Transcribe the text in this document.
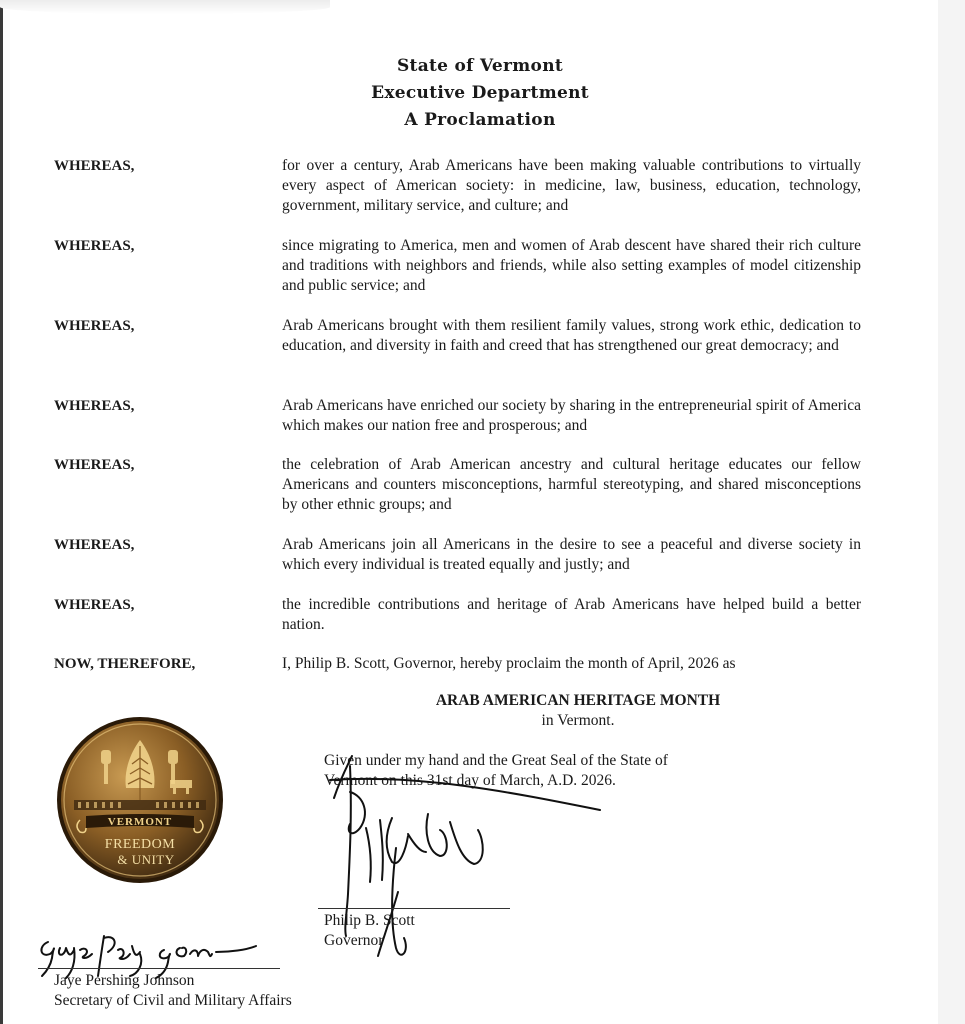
State of Vermont
Executive Department
A Proclamation
WHEREAS,	for over a century, Arab Americans have been making valuable contributions to virtually every aspect of American society: in medicine, law, business, education, technology, government, military service, and culture; and
WHEREAS,	since migrating to America, men and women of Arab descent have shared their rich culture and traditions with neighbors and friends, while also setting examples of model citizenship and public service; and
WHEREAS,	Arab Americans brought with them resilient family values, strong work ethic, dedication to education, and diversity in faith and creed that has strengthened our great democracy; and
WHEREAS,	Arab Americans have enriched our society by sharing in the entrepreneurial spirit of America which makes our nation free and prosperous; and
WHEREAS,	the celebration of Arab American ancestry and cultural heritage educates our fellow Americans and counters misconceptions, harmful stereotyping, and shared misconceptions by other ethnic groups; and
WHEREAS,	Arab Americans join all Americans in the desire to see a peaceful and diverse society in which every individual is treated equally and justly; and
WHEREAS,	the incredible contributions and heritage of Arab Americans have helped build a better nation.
NOW, THEREFORE,	I, Philip B. Scott, Governor, hereby proclaim the month of April, 2026 as
ARAB AMERICAN HERITAGE MONTH
in Vermont.
Given under my hand and the Great Seal of the State of
Vermont on this 31st day of March, A.D. 2026.
VERMONT
FREEDOM
& UNITY
Philip B. Scott
Governor
Jaye Pershing Johnson
Secretary of Civil and Military Affairs
